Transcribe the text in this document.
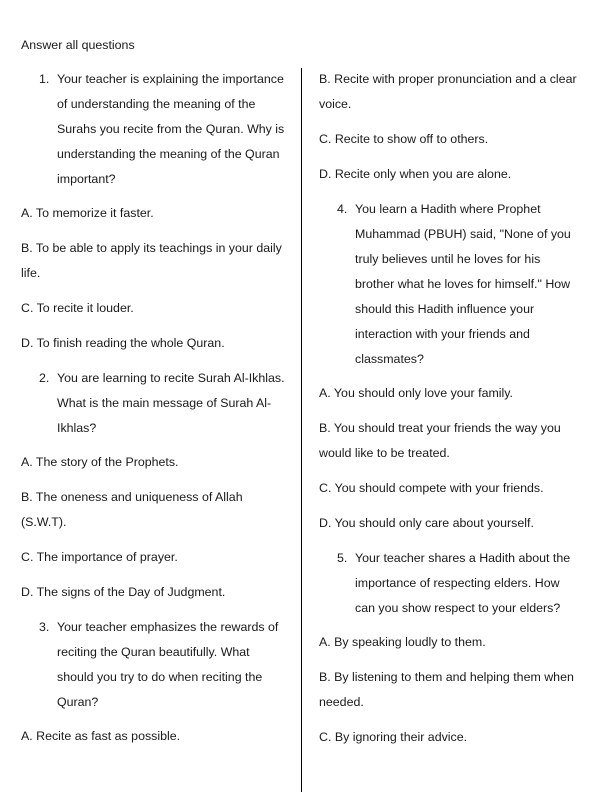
Answer all questions
1. Your teacher is explaining the importance of understanding the meaning of the Surahs you recite from the Quran. Why is understanding the meaning of the Quran important?
A. To memorize it faster.
B. To be able to apply its teachings in your daily life.
C. To recite it louder.
D. To finish reading the whole Quran.
2. You are learning to recite Surah Al-Ikhlas. What is the main message of Surah Al-Ikhlas?
A. The story of the Prophets.
B. The oneness and uniqueness of Allah (S.W.T).
C. The importance of prayer.
D. The signs of the Day of Judgment.
3. Your teacher emphasizes the rewards of reciting the Quran beautifully. What should you try to do when reciting the Quran?
A. Recite as fast as possible.
B. Recite with proper pronunciation and a clear voice.
C. Recite to show off to others.
D. Recite only when you are alone.
4. You learn a Hadith where Prophet Muhammad (PBUH) said, "None of you truly believes until he loves for his brother what he loves for himself." How should this Hadith influence your interaction with your friends and classmates?
A. You should only love your family.
B. You should treat your friends the way you would like to be treated.
C. You should compete with your friends.
D. You should only care about yourself.
5. Your teacher shares a Hadith about the importance of respecting elders. How can you show respect to your elders?
A. By speaking loudly to them.
B. By listening to them and helping them when needed.
C. By ignoring their advice.
